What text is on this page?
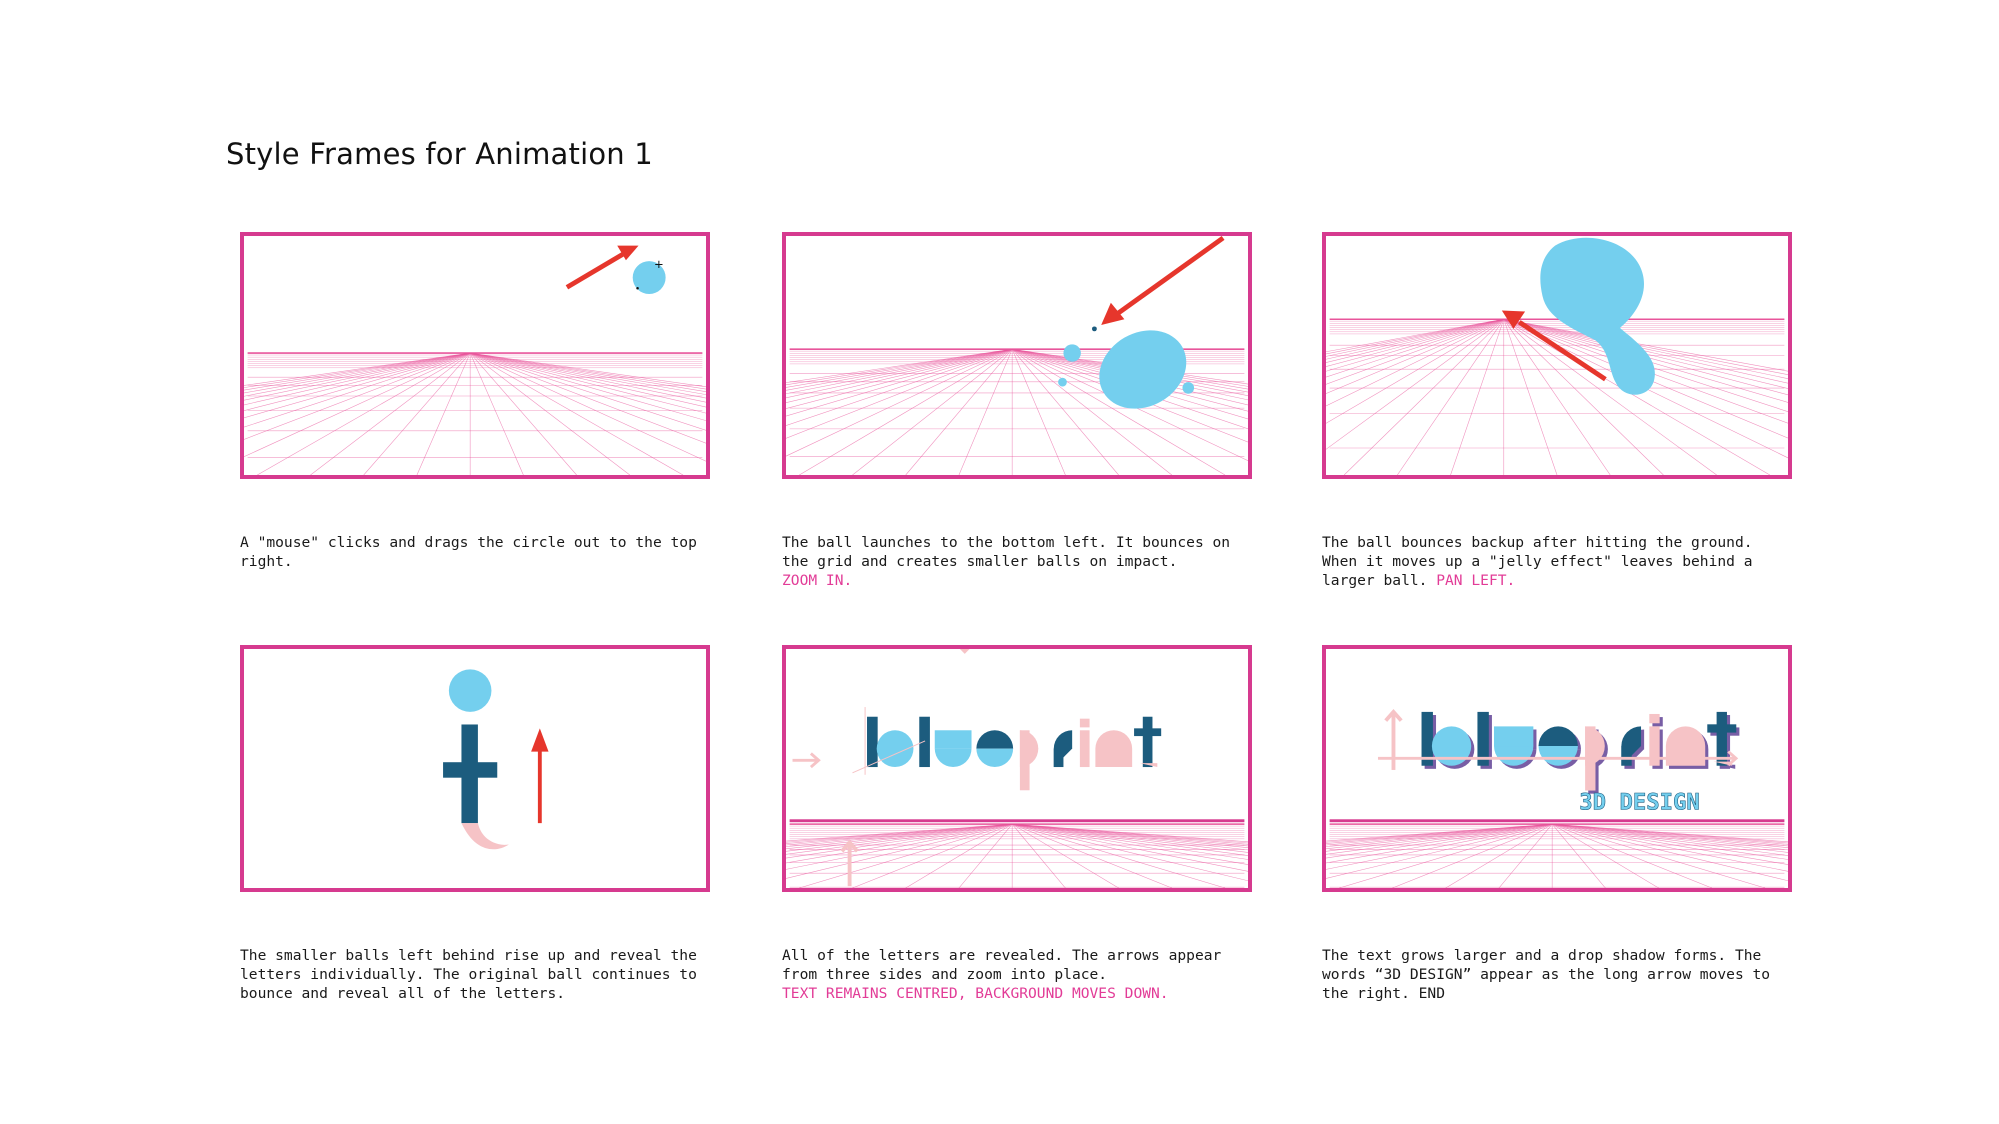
Style Frames for Animation 1
+
3D DESIGN

A "mouse" clicks and drags the circle out to the top right.

The ball launches to the bottom left. It bounces on the grid and creates smaller balls on impact.
ZOOM IN.

The ball bounces backup after hitting the ground. When it moves up a "jelly effect" leaves behind a larger ball. PAN LEFT.

The smaller balls left behind rise up and reveal the letters individually. The original ball continues to bounce and reveal all of the letters.

All of the letters are revealed. The arrows appear from three sides and zoom into place.
TEXT REMAINS CENTRED, BACKGROUND MOVES DOWN.

The text grows larger and a drop shadow forms. The words “3D DESIGN” appear as the long arrow moves to the right. END
